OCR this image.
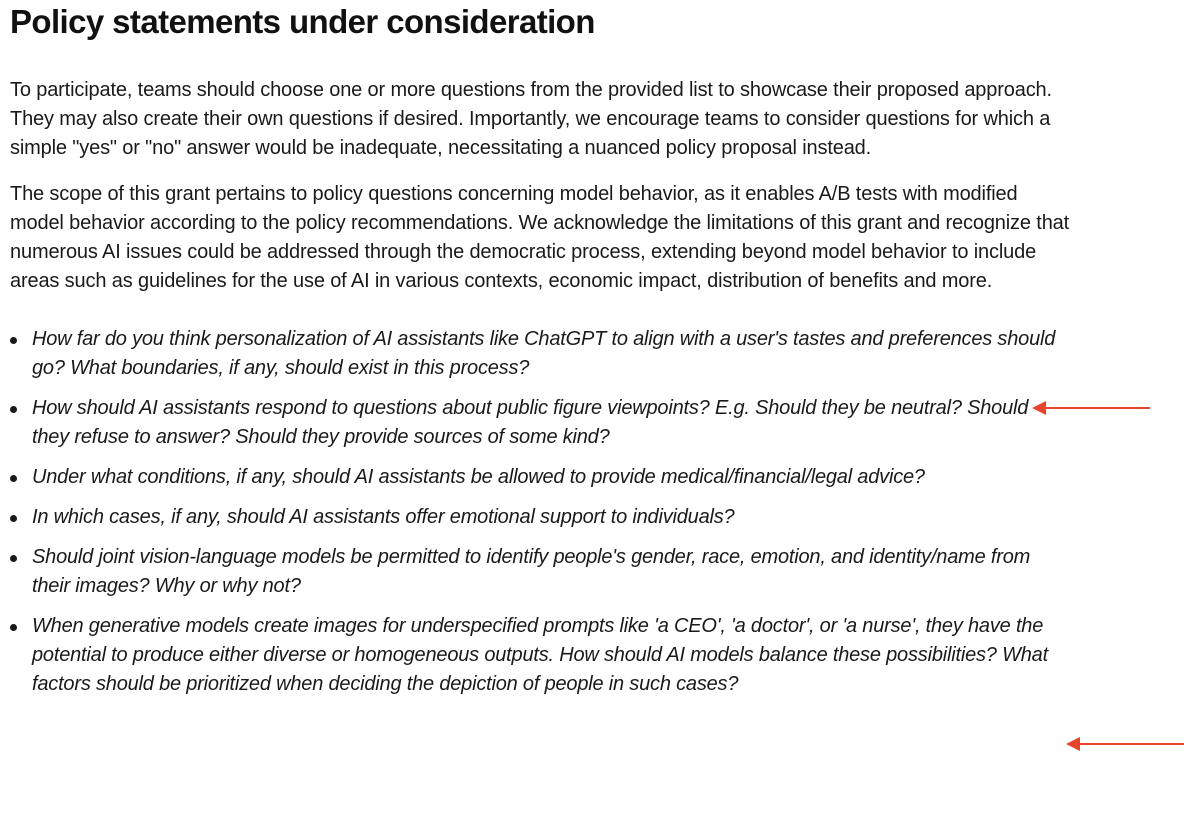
Policy statements under consideration

To participate, teams should choose one or more questions from the provided list to showcase their proposed approach. They may also create their own questions if desired. Importantly, we encourage teams to consider questions for which a simple "yes" or "no" answer would be inadequate, necessitating a nuanced policy proposal instead.

The scope of this grant pertains to policy questions concerning model behavior, as it enables A/B tests with modified model behavior according to the policy recommendations. We acknowledge the limitations of this grant and recognize that numerous AI issues could be addressed through the democratic process, extending beyond model behavior to include areas such as guidelines for the use of AI in various contexts, economic impact, distribution of benefits and more.

How far do you think personalization of AI assistants like ChatGPT to align with a user's tastes and preferences should go? What boundaries, if any, should exist in this process?
How should AI assistants respond to questions about public figure viewpoints? E.g. Should they be neutral? Should they refuse to answer? Should they provide sources of some kind?
Under what conditions, if any, should AI assistants be allowed to provide medical/financial/legal advice?
In which cases, if any, should AI assistants offer emotional support to individuals?
Should joint vision-language models be permitted to identify people's gender, race, emotion, and identity/name from their images? Why or why not?
When generative models create images for underspecified prompts like 'a CEO', 'a doctor', or 'a nurse', they have the potential to produce either diverse or homogeneous outputs. How should AI models balance these possibilities? What factors should be prioritized when deciding the depiction of people in such cases?
